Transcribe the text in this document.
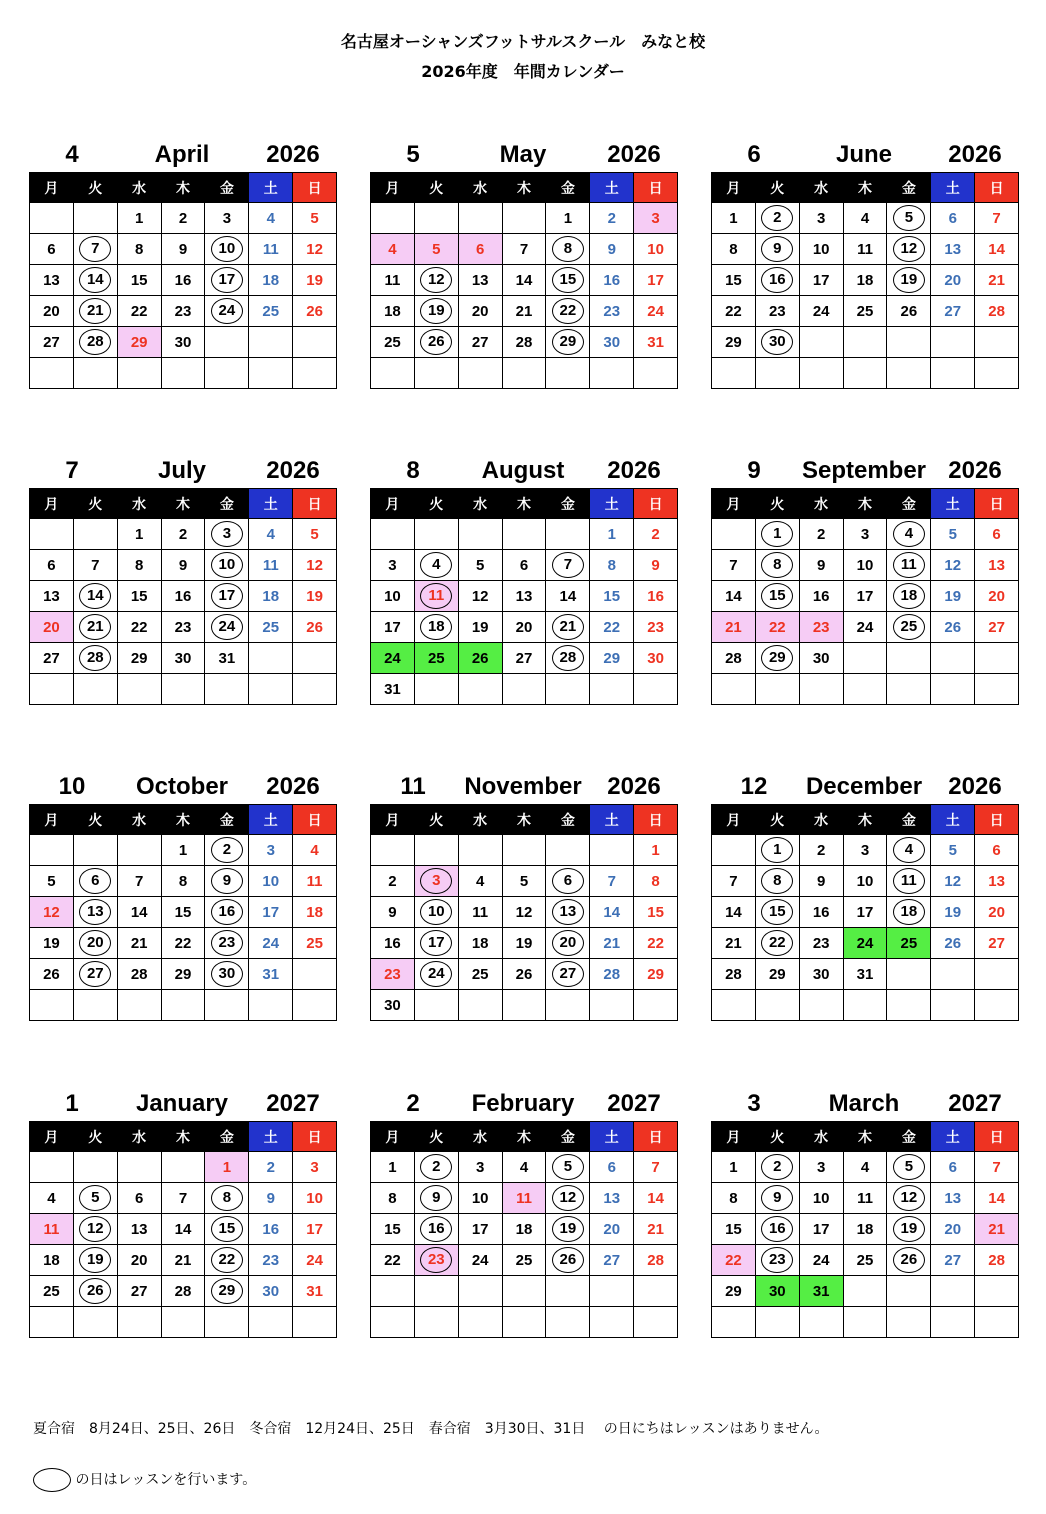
名古屋オーシャンズフットサルスクール　みなと校
2026年度　年間カレンダー
4	April	2026
月	火	水	木	金	土	日
		1	2	3	4	5
6	7	8	9	10	11	12
13	14	15	16	17	18	19
20	21	22	23	24	25	26
27	28	29	30			

5	May	2026
月	火	水	木	金	土	日
				1	2	3
4	5	6	7	8	9	10
11	12	13	14	15	16	17
18	19	20	21	22	23	24
25	26	27	28	29	30	31

6	June	2026
月	火	水	木	金	土	日
1	2	3	4	5	6	7
8	9	10	11	12	13	14
15	16	17	18	19	20	21
22	23	24	25	26	27	28
29	30					

7	July	2026
月	火	水	木	金	土	日
		1	2	3	4	5
6	7	8	9	10	11	12
13	14	15	16	17	18	19
20	21	22	23	24	25	26
27	28	29	30	31		

8	August	2026
月	火	水	木	金	土	日
					1	2
3	4	5	6	7	8	9
10	11	12	13	14	15	16
17	18	19	20	21	22	23
24	25	26	27	28	29	30
31						
9	September 2026
月	火	水	木	金	土	日
	1	2	3	4	5	6
7	8	9	10	11	12	13
14	15	16	17	18	19	20
21	22	23	24	25	26	27
28	29	30				

10	October	2026
月	火	水	木	金	土	日
			1	2	3	4
5	6	7	8	9	10	11
12	13	14	15	16	17	18
19	20	21	22	23	24	25
26	27	28	29	30	31	

11	November	2026
月	火	水	木	金	土	日
						1
2	3	4	5	6	7	8
9	10	11	12	13	14	15
16	17	18	19	20	21	22
23	24	25	26	27	28	29
30						
12	December	2026
月	火	水	木	金	土	日
	1	2	3	4	5	6
7	8	9	10	11	12	13
14	15	16	17	18	19	20
21	22	23	24	25	26	27
28	29	30	31			

1	January	2027
月	火	水	木	金	土	日
				1	2	3
4	5	6	7	8	9	10
11	12	13	14	15	16	17
18	19	20	21	22	23	24
25	26	27	28	29	30	31

2	February	2027
月	火	水	木	金	土	日
1	2	3	4	5	6	7
8	9	10	11	12	13	14
15	16	17	18	19	20	21
22	23	24	25	26	27	28

3	March	2027
月	火	水	木	金	土	日
1	2	3	4	5	6	7
8	9	10	11	12	13	14
15	16	17	18	19	20	21
22	23	24	25	26	27	28
29	30	31				

夏合宿　8月24日、25日、26日　冬合宿　12月24日、25日　春合宿　3月30日、31日　 の日にちはレッスンはありません。
の日はレッスンを行います。
